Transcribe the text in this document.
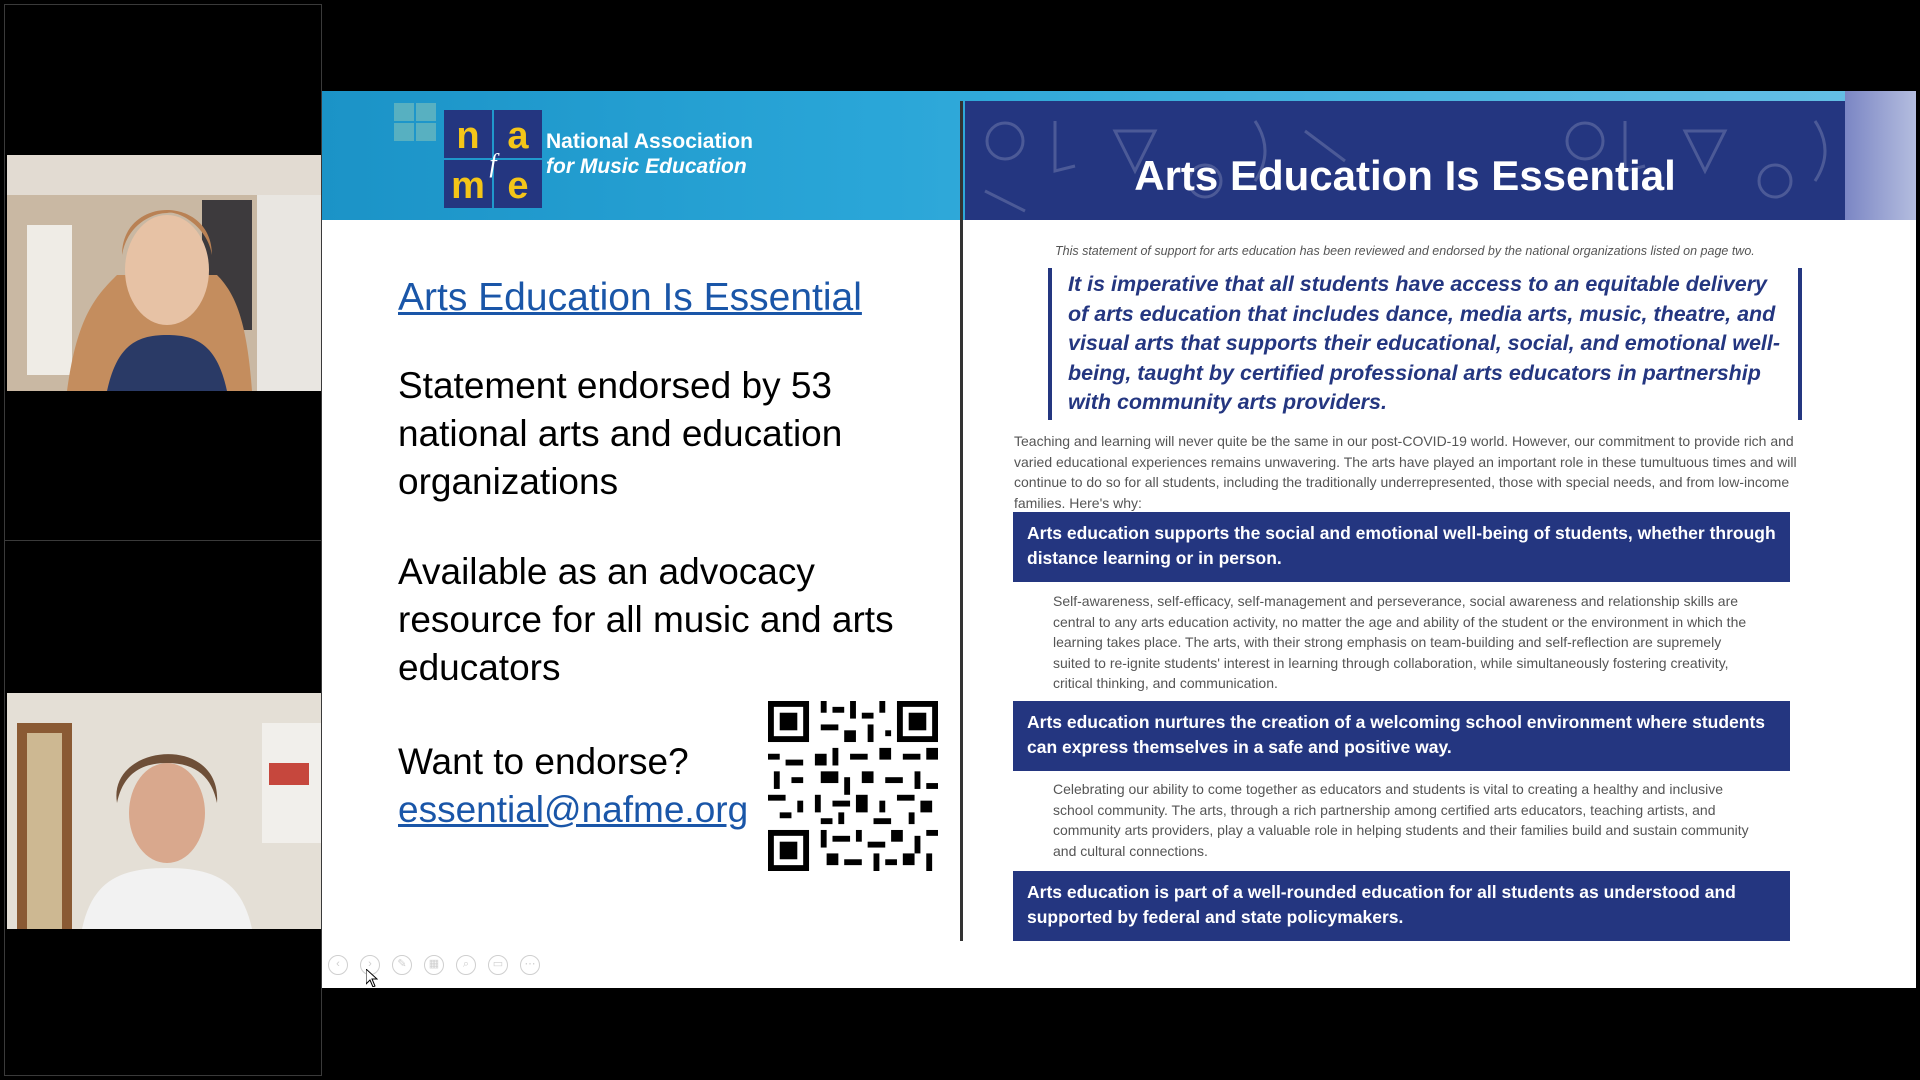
n a
m e
f
National Association
for Music Education
Arts Education Is Essential
Statement endorsed by 53 national arts and education organizations
Available as an advocacy resource for all music and arts educators
Want to endorse?
essential@nafme.org
Arts Education Is Essential
This statement of support for arts education has been reviewed and endorsed by the national organizations listed on page two.
It is imperative that all students have access to an equitable delivery of arts education that includes dance, media arts, music, theatre, and visual arts that supports their educational, social, and emotional well-being, taught by certified professional arts educators in partnership with community arts providers.
Teaching and learning will never quite be the same in our post-COVID-19 world. However, our commitment to provide rich and varied educational experiences remains unwavering. The arts have played an important role in these tumultuous times and will continue to do so for all students, including the traditionally underrepresented, those with special needs, and from low-income families. Here's why:
Arts education supports the social and emotional well-being of students, whether through distance learning or in person.
Self-awareness, self-efficacy, self-management and perseverance, social awareness and relationship skills are central to any arts education activity, no matter the age and ability of the student or the environment in which the learning takes place. The arts, with their strong emphasis on team-building and self-reflection are supremely suited to re-ignite students' interest in learning through collaboration, while simultaneously fostering creativity, critical thinking, and communication.
Arts education nurtures the creation of a welcoming school environment where students can express themselves in a safe and positive way.
Celebrating our ability to come together as educators and students is vital to creating a healthy and inclusive school community. The arts, through a rich partnership among certified arts educators, teaching artists, and community arts providers, play a valuable role in helping students and their families build and sustain community and cultural connections.
Arts education is part of a well-rounded education for all students as understood and supported by federal and state policymakers.
‹	›	✎	▦	⌕	▭	⋯
